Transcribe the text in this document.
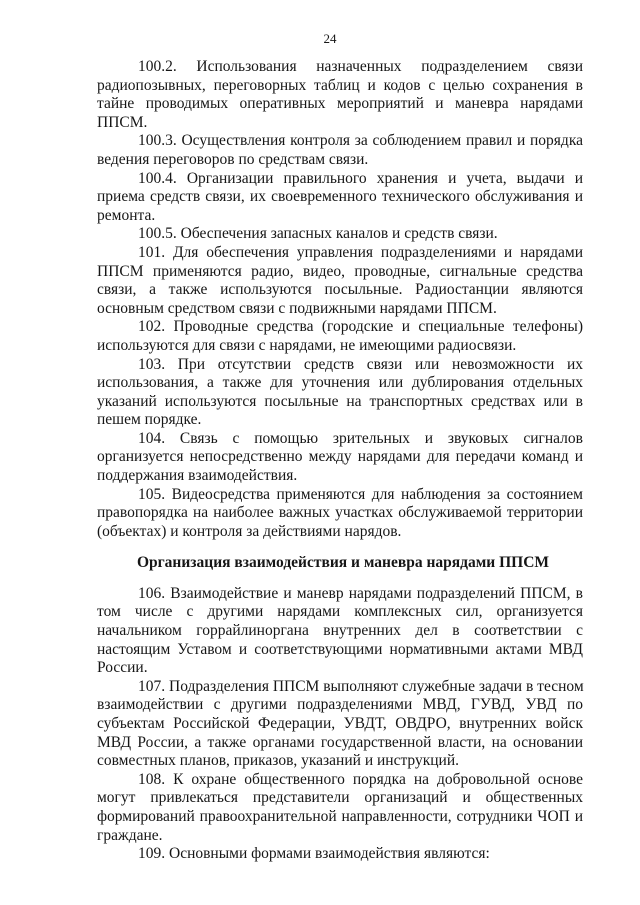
24
100.2. Использования назначенных подразделением связи
радиопозывных, переговорных таблиц и кодов с целью сохранения в
тайне проводимых оперативных мероприятий и маневра нарядами
ППСМ.
100.3. Осуществления контроля за соблюдением правил и порядка
ведения переговоров по средствам связи.
100.4. Организации правильного хранения и учета, выдачи и
приема средств связи, их своевременного технического обслуживания и
ремонта.
100.5. Обеспечения запасных каналов и средств связи.
101. Для обеспечения управления подразделениями и нарядами
ППСМ применяются радио, видео, проводные, сигнальные средства
связи, а также используются посыльные. Радиостанции являются
основным средством связи с подвижными нарядами ППСМ.
102. Проводные средства (городские и специальные телефоны)
используются для связи с нарядами, не имеющими радиосвязи.
103. При отсутствии средств связи или невозможности их
использования, а также для уточнения или дублирования отдельных
указаний используются посыльные на транспортных средствах или в
пешем порядке.
104. Связь с помощью зрительных и звуковых сигналов
организуется непосредственно между нарядами для передачи команд и
поддержания взаимодействия.
105. Видеосредства применяются для наблюдения за состоянием
правопорядка на наиболее важных участках обслуживаемой территории
(объектах) и контроля за действиями нарядов.
Организация взаимодействия и маневра нарядами ППСМ
106. Взаимодействие и маневр нарядами подразделений ППСМ, в
том числе с другими нарядами комплексных сил, организуется
начальником горрайлиноргана внутренних дел в соответствии с
настоящим Уставом и соответствующими нормативными актами МВД
России.
107. Подразделения ППСМ выполняют служебные задачи в тесном
взаимодействии с другими подразделениями МВД, ГУВД, УВД по
субъектам Российской Федерации, УВДТ, ОВДРО, внутренних войск
МВД России, а также органами государственной власти, на основании
совместных планов, приказов, указаний и инструкций.
108. К охране общественного порядка на добровольной основе
могут привлекаться представители организаций и общественных
формирований правоохранительной направленности, сотрудники ЧОП и
граждане.
109. Основными формами взаимодействия являются:
